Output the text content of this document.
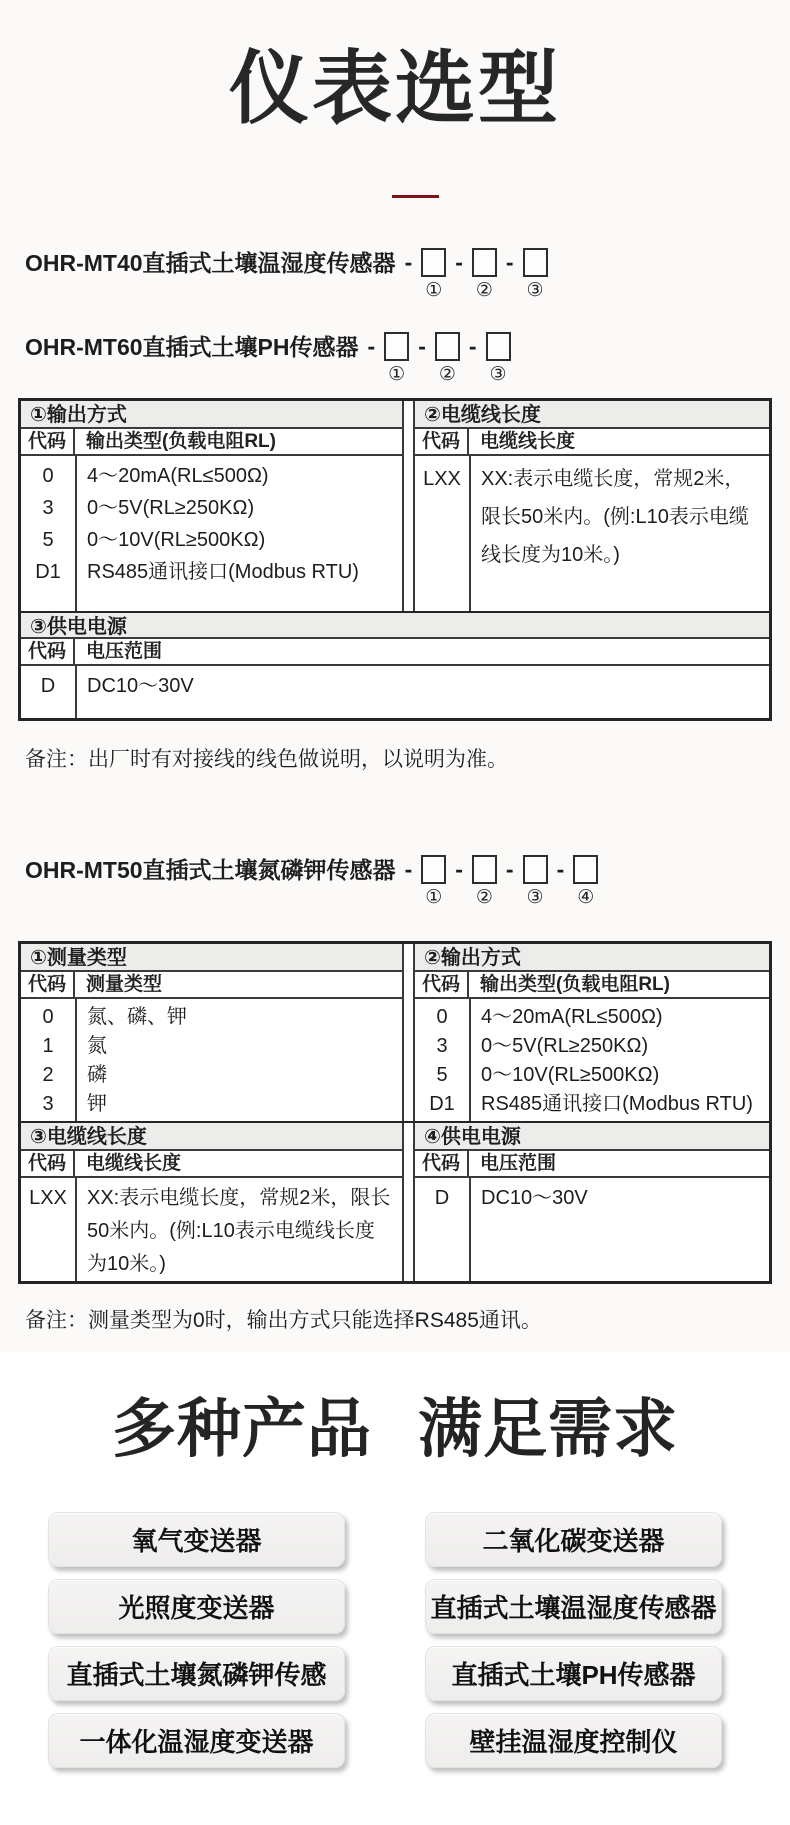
仪表选型
OHR-MT40直插式土壤温湿度传感器 -
①
-
②
-
③
OHR-MT60直插式土壤PH传感器 -
①
-
②
-
③
①输出方式
代码	输出类型(负载电阻RL)
0	4～20mA(RL≤500Ω)
3	0～5V(RL≥250KΩ)
5	0～10V(RL≥500KΩ)
D1	RS485通讯接口(Modbus RTU)
②电缆线长度
代码	电缆线长度
LXX	XX:表示电缆长度，常规2米，限长50米内。(例:L10表示电缆线长度为10米。)
③供电电源
代码	电压范围
D	DC10～30V
备注：出厂时有对接线的线色做说明，以说明为准。
OHR-MT50直插式土壤氮磷钾传感器 -
①
-
②
-
③
-
④
①测量类型
代码	测量类型
0	氮、磷、钾
1	氮
2	磷
3	钾
②输出方式
代码	输出类型(负载电阻RL)
0	4～20mA(RL≤500Ω)
3	0～5V(RL≥250KΩ)
5	0～10V(RL≥500KΩ)
D1	RS485通讯接口(Modbus RTU)
③电缆线长度
代码	电缆线长度
LXX	XX:表示电缆长度，常规2米，限长50米内。(例:L10表示电缆线长度为10米。)
④供电电源
代码	电压范围
D	DC10～30V
备注：测量类型为0时，输出方式只能选择RS485通讯。
多种产品 满足需求
氧气变送器	二氧化碳变送器
光照度变送器	直插式土壤温湿度传感器
直插式土壤氮磷钾传感	直插式土壤PH传感器
一体化温湿度变送器	壁挂温湿度控制仪
